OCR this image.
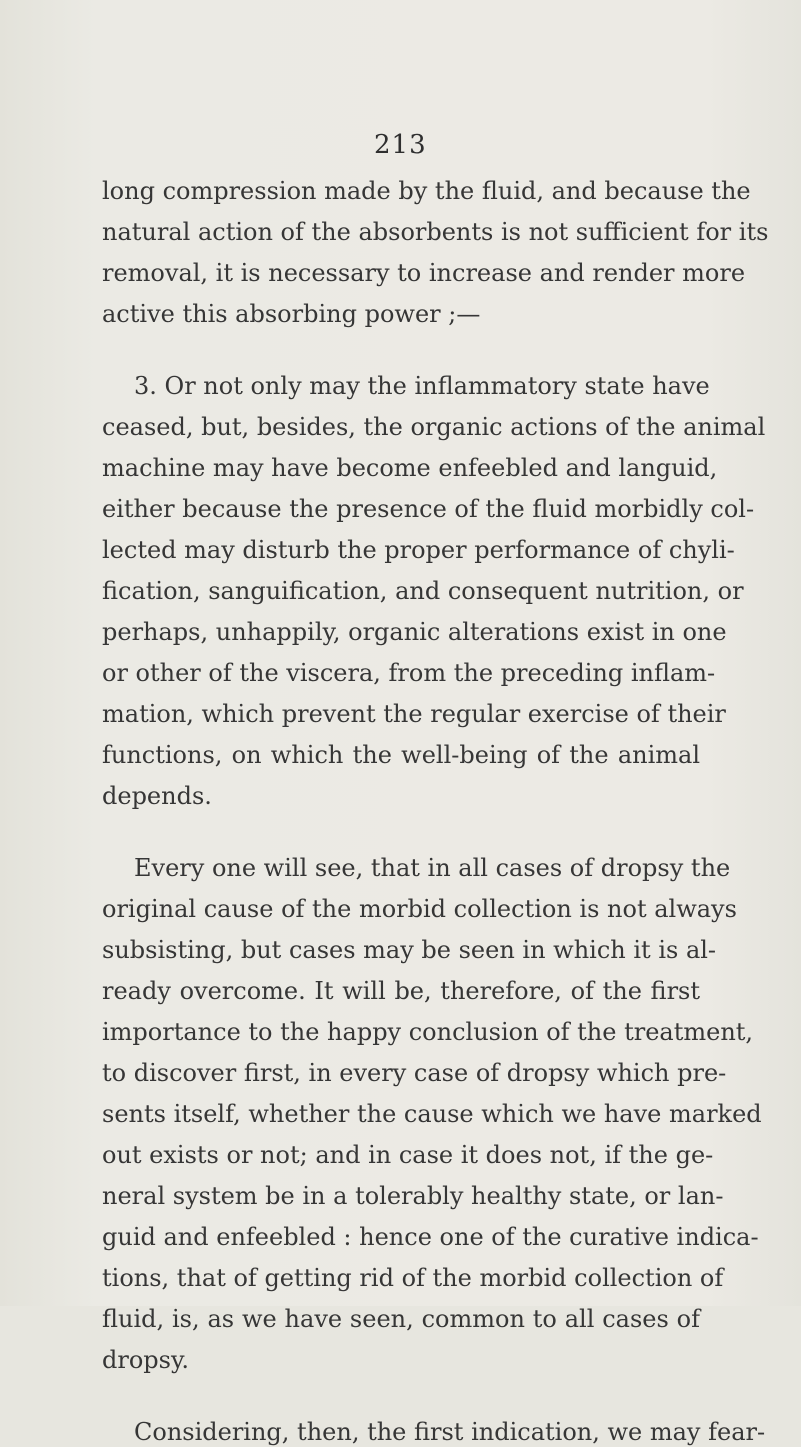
213
long compression made by the fluid, and because the
natural action of the absorbents is not sufficient for its
removal, it is necessary to increase and render more
active this absorbing power ;—
3. Or not only may the inflammatory state have
ceased, but, besides, the organic actions of the animal
machine may have become enfeebled and languid,
either because the presence of the fluid morbidly col-
lected may disturb the proper performance of chyli-
fication, sanguification, and consequent nutrition, or
perhaps, unhappily, organic alterations exist in one
or other of the viscera, from the preceding inflam-
mation, which prevent the regular exercise of their
functions, on which the well-being of the animal
depends.
Every one will see, that in all cases of dropsy the
original cause of the morbid collection is not always
subsisting, but cases may be seen in which it is al-
ready overcome. It will be, therefore, of the first
importance to the happy conclusion of the treatment,
to discover first, in every case of dropsy which pre-
sents itself, whether the cause which we have marked
out exists or not; and in case it does not, if the ge-
neral system be in a tolerably healthy state, or lan-
guid and enfeebled : hence one of the curative indica-
tions, that of getting rid of the morbid collection of
fluid, is, as we have seen, common to all cases of
dropsy.
Considering, then, the first indication, we may fear-
